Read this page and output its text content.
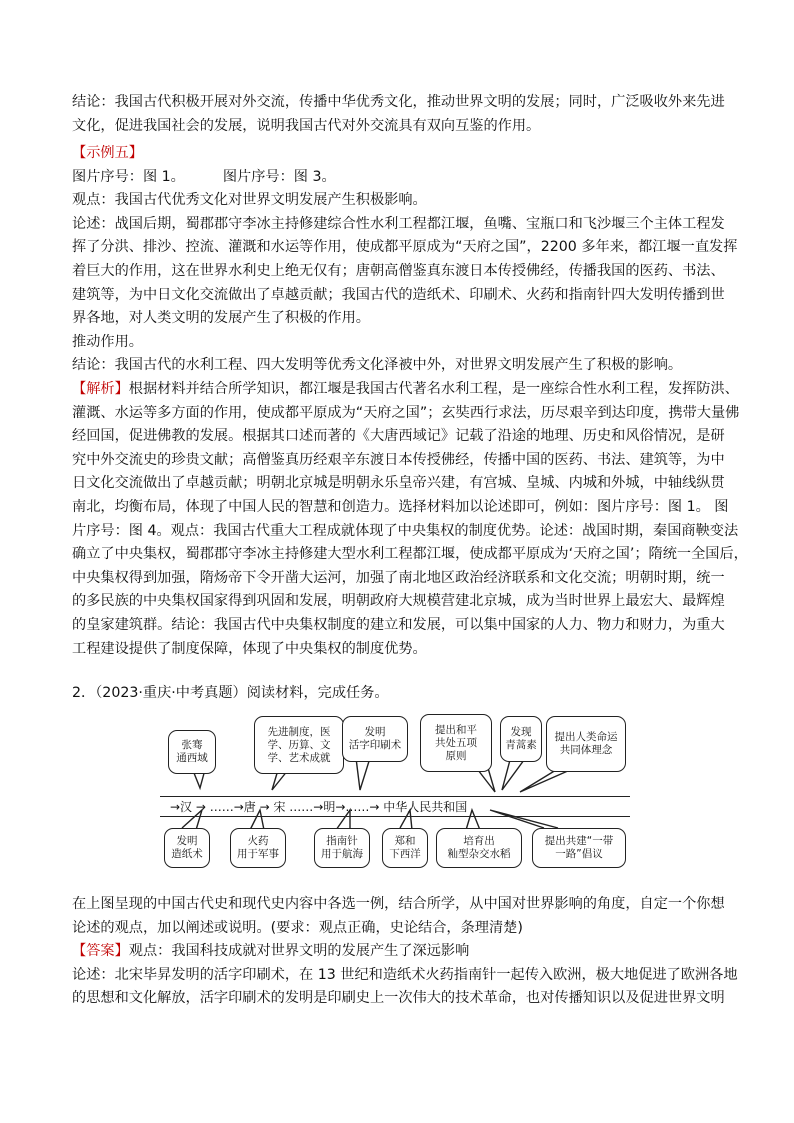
结论：我国古代积极开展对外交流，传播中华优秀文化，推动世界文明的发展；同时，广泛吸收外来先进
文化，促进我国社会的发展，说明我国古代对外交流具有双向互鉴的作用。
【示例五】
图片序号：图 1。	图片序号：图 3。
观点：我国古代优秀文化对世界文明发展产生积极影响。
论述：战国后期，蜀郡郡守李冰主持修建综合性水利工程都江堰，鱼嘴、宝瓶口和飞沙堰三个主体工程发
挥了分洪、排沙、控流、灌溉和水运等作用，使成都平原成为“天府之国”，2200 多年来，都江堰一直发挥
着巨大的作用，这在世界水利史上绝无仅有；唐朝高僧鉴真东渡日本传授佛经，传播我国的医药、书法、
建筑等，为中日文化交流做出了卓越贡献；我国古代的造纸术、印刷术、火药和指南针四大发明传播到世
界各地，对人类文明的发展产生了积极的作用。
推动作用。
结论：我国古代的水利工程、四大发明等优秀文化泽被中外，对世界文明发展产生了积极的影响。
【解析】根据材料并结合所学知识，都江堰是我国古代著名水利工程，是一座综合性水利工程，发挥防洪、
灌溉、水运等多方面的作用，使成都平原成为“天府之国”；玄奘西行求法，历尽艰辛到达印度，携带大量佛
经回国，促进佛教的发展。根据其口述而著的《大唐西域记》记载了沿途的地理、历史和风俗情况，是研
究中外交流史的珍贵文献；高僧鉴真历经艰辛东渡日本传授佛经，传播中国的医药、书法、建筑等，为中
日文化交流做出了卓越贡献；明朝北京城是明朝永乐皇帝兴建，有宫城、皇城、内城和外城，中轴线纵贯
南北，均衡布局，体现了中国人民的智慧和创造力。选择材料加以论述即可，例如：图片序号：图 1。 图
片序号：图 4。观点：我国古代重大工程成就体现了中央集权的制度优势。论述：战国时期，秦国商鞅变法
确立了中央集权，蜀郡郡守李冰主持修建大型水利工程都江堰，使成都平原成为‘天府之国’；隋统一全国后，
中央集权得到加强，隋炀帝下令开凿大运河，加强了南北地区政治经济联系和文化交流；明朝时期，统一
的多民族的中央集权国家得到巩固和发展，明朝政府大规模营建北京城，成为当时世界上最宏大、最辉煌
的皇家建筑群。结论：我国古代中央集权制度的建立和发展，可以集中国家的人力、物力和财力，为重大
工程建设提供了制度保障，体现了中央集权的制度优势。
2．（2023·重庆·中考真题）阅读材料，完成任务。
张骞
通西域
先进制度，医
学、历算、文
学、艺术成就
发明
活字印刷术
提出和平
共处五项
原则
发现
青蒿素
提出人类命运
共同体理念
→汉 → ……→唐 → 宋 ……→明→……→ 中华人民共和国
发明
造纸术
火药
用于军事
指南针
用于航海
郑和
下西洋
培育出
籼型杂交水稻
提出共建“一带
一路”倡议
在上图呈现的中国古代史和现代史内容中各选一例，结合所学，从中国对世界影响的角度，自定一个你想
论述的观点，加以阐述或说明。(要求：观点正确，史论结合，条理清楚)
【答案】观点：我国科技成就对世界文明的发展产生了深远影响
论述：北宋毕昇发明的活字印刷术，在 13 世纪和造纸术火药指南针一起传入欧洲，极大地促进了欧洲各地
的思想和文化解放，活字印刷术的发明是印刷史上一次伟大的技术革命，也对传播知识以及促进世界文明
